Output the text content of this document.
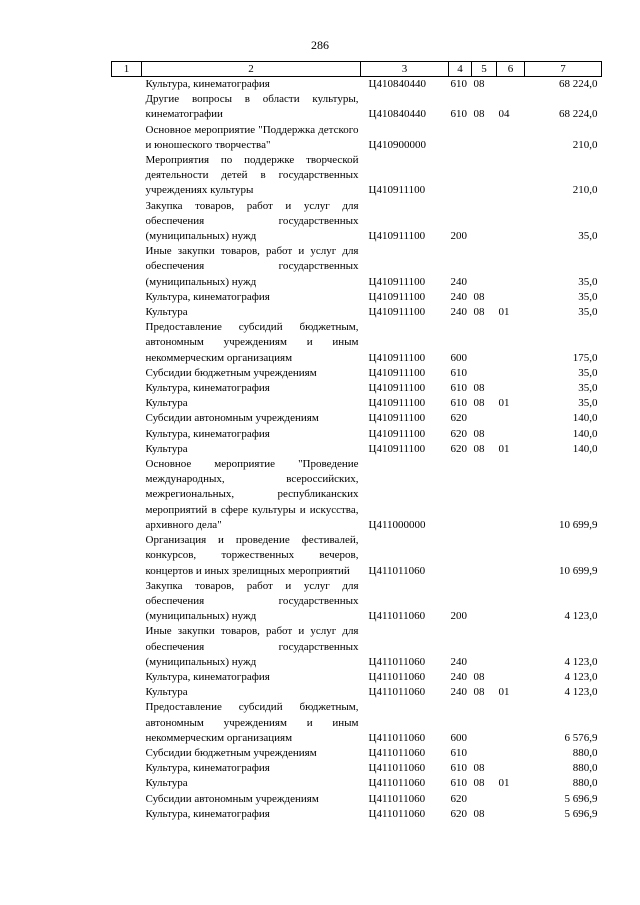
286
1	2	3	4	5	6	7
	Культура, кинематография	Ц410840440	610	08		68 224,0
	Другие вопросы в области культуры, кинематографии	Ц410840440	610	08	04	68 224,0
	Основное мероприятие "Поддержка детского и юношеского творчества"	Ц410900000				210,0
	Мероприятия по поддержке творческой деятельности детей в государственных учреждениях культуры	Ц410911100				210,0
	Закупка товаров, работ и услуг для обеспечения государственных (муниципальных) нужд	Ц410911100	200			35,0
	Иные закупки товаров, работ и услуг для обеспечения государственных (муниципальных) нужд	Ц410911100	240			35,0
	Культура, кинематография	Ц410911100	240	08		35,0
	Культура	Ц410911100	240	08	01	35,0
	Предоставление субсидий бюджетным, автономным учреждениям и иным некоммерческим организациям	Ц410911100	600			175,0
	Субсидии бюджетным учреждениям	Ц410911100	610			35,0
	Культура, кинематография	Ц410911100	610	08		35,0
	Культура	Ц410911100	610	08	01	35,0
	Субсидии автономным учреждениям	Ц410911100	620			140,0
	Культура, кинематография	Ц410911100	620	08		140,0
	Культура	Ц410911100	620	08	01	140,0
	Основное мероприятие "Проведение международных, всероссийских, межрегиональных, республиканских мероприятий в сфере культуры и искусства, архивного дела"	Ц411000000				10 699,9
	Организация и проведение фестивалей, конкурсов, торжественных вечеров, концертов и иных зрелищных мероприятий	Ц411011060				10 699,9
	Закупка товаров, работ и услуг для обеспечения государственных (муниципальных) нужд	Ц411011060	200			4 123,0
	Иные закупки товаров, работ и услуг для обеспечения государственных (муниципальных) нужд	Ц411011060	240			4 123,0
	Культура, кинематография	Ц411011060	240	08		4 123,0
	Культура	Ц411011060	240	08	01	4 123,0
	Предоставление субсидий бюджетным, автономным учреждениям и иным некоммерческим организациям	Ц411011060	600			6 576,9
	Субсидии бюджетным учреждениям	Ц411011060	610			880,0
	Культура, кинематография	Ц411011060	610	08		880,0
	Культура	Ц411011060	610	08	01	880,0
	Субсидии автономным учреждениям	Ц411011060	620			5 696,9
	Культура, кинематография	Ц411011060	620	08		5 696,9
